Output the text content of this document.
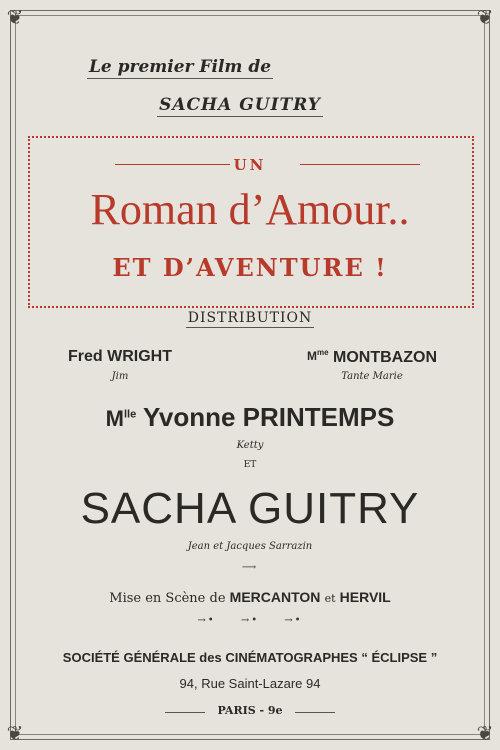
❦	❦
❦	❦
Le premier Film de
SACHA GUITRY
UN
Roman d’Amour..
ET D’AVENTURE !
DISTRIBUTION
Fred WRIGHT
Jim
$M^{me}$ MONTBAZON
Tante Marie
$M^{lle}$ Yvonne PRINTEMPS
Ketty
ET
SACHA GUITRY
Jean et Jacques Sarrazin
⟶
Mise en Scène de MERCANTON et HERVIL
→• →• →•
SOCIÉTÉ GÉNÉRALE des CINÉMATOGRAPHES “ ÉCLIPSE ”
94, Rue Saint-Lazare 94
PARIS - 9e
